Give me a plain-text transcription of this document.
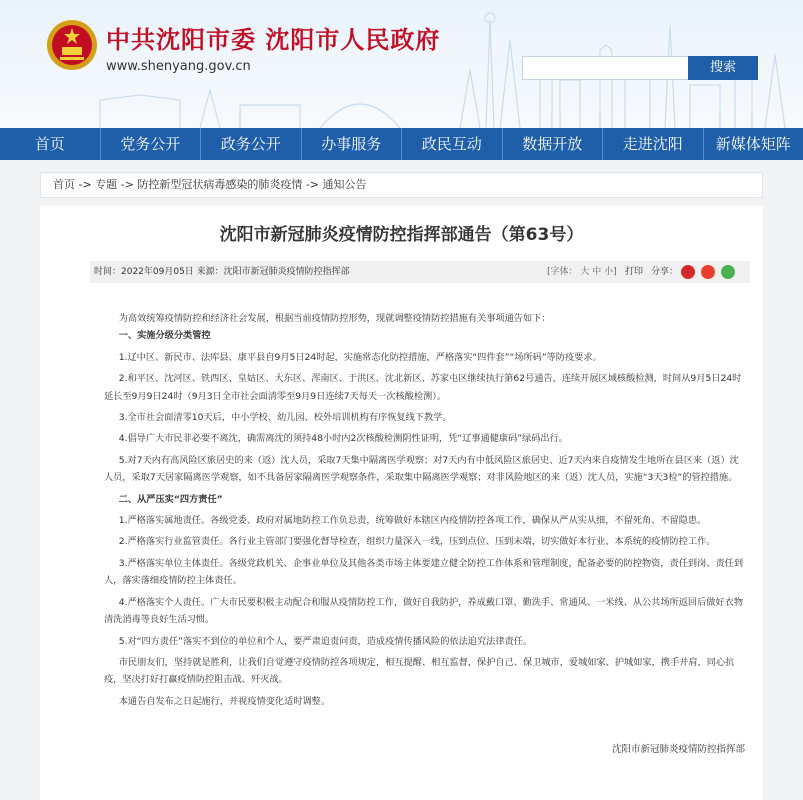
中共沈阳市委 沈阳市人民政府
www.shenyang.gov.cn	搜索
首页	党务公开	政务公开	办事服务	政民互动	数据开放	走进沈阳	新媒体矩阵
首页 -> 专题 -> 防控新型冠状病毒感染的肺炎疫情 -> 通知公告
沈阳市新冠肺炎疫情防控指挥部通告（第63号）
时间：2022年09月05日 来源：沈阳市新冠肺炎疫情防控指挥部	[字体： 大 中 小] 打印 分享：

为高效统筹疫情防控和经济社会发展，根据当前疫情防控形势，现就调整疫情防控措施有关事项通告如下：

一、实施分级分类管控

1.辽中区、新民市、法库县、康平县自9月5日24时起，实施常态化防控措施，严格落实“四件套”“场所码”等防疫要求。

2.和平区、沈河区、铁西区、皇姑区、大东区、浑南区、于洪区、沈北新区、苏家屯区继续执行第62号通告，连续开展区域核酸检测，时间从9月5日24时延长至9月9日24时（9月3日全市社会面清零至9月9日连续7天每天一次核酸检测）。

3.全市社会面清零10天后，中小学校、幼儿园、校外培训机构有序恢复线下教学。

4.倡导广大市民非必要不离沈，确需离沈的须持48小时内2次核酸检测阴性证明，凭“辽事通健康码”绿码出行。

5.对7天内有高风险区旅居史的来（返）沈人员，采取7天集中隔离医学观察；对7天内有中低风险区旅居史、近7天内来自疫情发生地所在县区来（返）沈人员，采取7天居家隔离医学观察，如不具备居家隔离医学观察条件，采取集中隔离医学观察；对非风险地区的来（返）沈人员，实施“3天3检”的管控措施。

二、从严压实“四方责任”

1.严格落实属地责任。各级党委、政府对属地防控工作负总责，统筹做好本辖区内疫情防控各项工作，确保从严从实从细，不留死角、不留隐患。

2.严格落实行业监管责任。各行业主管部门要强化督导检查，组织力量深入一线，压到点位、压到末端，切实做好本行业、本系统的疫情防控工作。

3.严格落实单位主体责任。各级党政机关、企事业单位及其他各类市场主体要建立健全防控工作体系和管理制度，配备必要的防控物资，责任到岗、责任到人，落实落细疫情防控主体责任。

4.严格落实个人责任。广大市民要积极主动配合和服从疫情防控工作，做好自我防护，养成戴口罩、勤洗手、常通风、一米线、从公共场所返回后做好衣物清洗消毒等良好生活习惯。

5.对“四方责任”落实不到位的单位和个人，要严肃追责问责，造成疫情传播风险的依法追究法律责任。

市民朋友们，坚持就是胜利，让我们自觉遵守疫情防控各项规定，相互提醒、相互监督，保护自己、保卫城市，爱城如家、护城如家，携手并肩，同心抗疫，坚决打好打赢疫情防控阻击战、歼灭战。

本通告自发布之日起施行，并视疫情变化适时调整。

沈阳市新冠肺炎疫情防控指挥部
